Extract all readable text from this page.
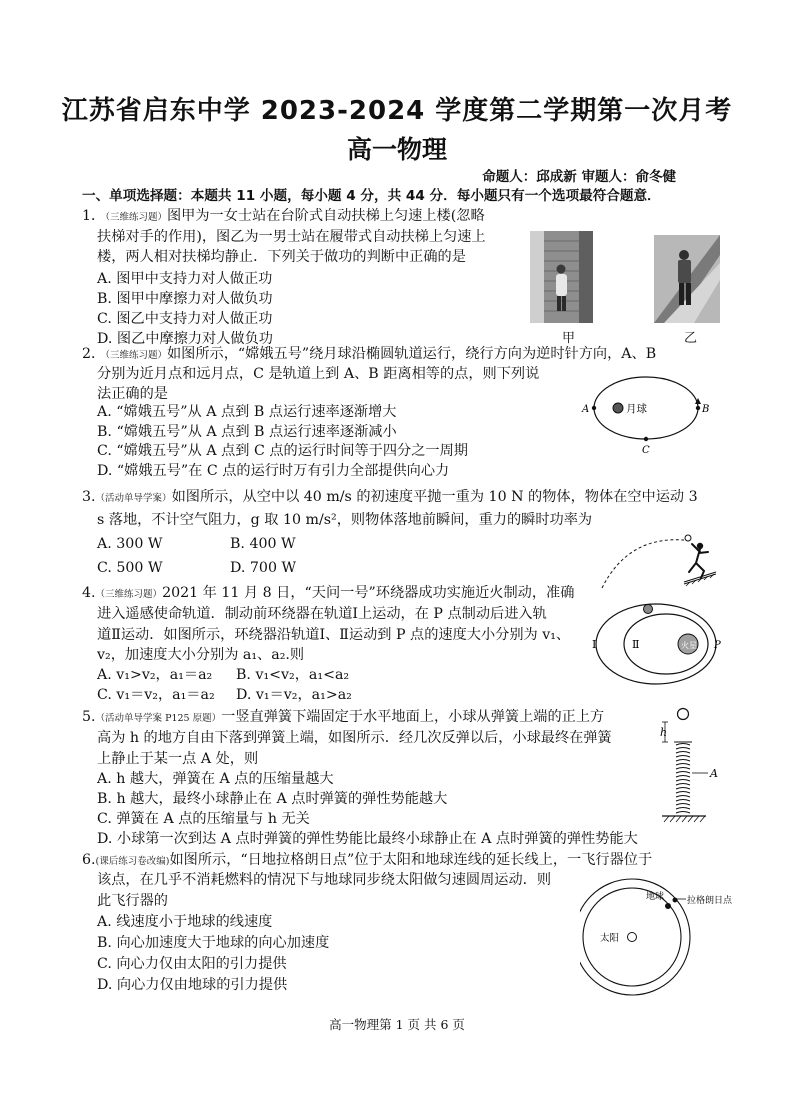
江苏省启东中学 2023-2024 学度第二学期第一次月考
高一物理
命题人：邱成新 审题人：俞冬健
一、单项选择题：本题共 11 小题，每小题 4 分，共 44 分．每小题只有一个选项最符合题意．
1．（三维练习题）图甲为一女士站在台阶式自动扶梯上匀速上楼(忽略
扶梯对手的作用)，图乙为一男士站在履带式自动扶梯上匀速上
楼，两人相对扶梯均静止．下列关于做功的判断中正确的是
A. 图甲中支持力对人做正功
B. 图甲中摩擦力对人做负功
C. 图乙中支持力对人做正功
D. 图乙中摩擦力对人做负功	甲	乙
2．（三维练习题）如图所示，“嫦娥五号”绕月球沿椭圆轨道运行，绕行方向为逆时针方向，A、B
分别为近月点和远月点，C 是轨道上到 A、B 距离相等的点，则下列说
法正确的是
A. “嫦娥五号”从 A 点到 B 点运行速率逐渐增大
B. “嫦娥五号”从 A 点到 B 点运行速率逐渐减小
C. “嫦娥五号”从 A 点到 C 点的运行时间等于四分之一周期
D. “嫦娥五号”在 C 点的运行时万有引力全部提供向心力
月球
A	B
C
3.（活动单导学案）如图所示，从空中以 40 m/s 的初速度平抛一重为 10 N 的物体，物体在空中运动 3
s 落地，不计空气阻力，g 取 10 m/s²，则物体落地前瞬间，重力的瞬时功率为
A. 300 W	B. 400 W
C. 500 W	D. 700 W
4.（三维练习题）2021 年 11 月 8 日，“天问一号”环绕器成功实施近火制动，准确
进入遥感使命轨道．制动前环绕器在轨道Ⅰ上运动，在 P 点制动后进入轨
道Ⅱ运动．如图所示，环绕器沿轨道Ⅰ、Ⅱ运动到 P 点的速度大小分别为 v₁、
v₂，加速度大小分别为 a₁、a₂.则
A. v₁>v₂，a₁＝a₂ B. v₁<v₂，a₁<a₂
C. v₁＝v₂，a₁＝a₂ D. v₁＝v₂，a₁>a₂
火星
Ⅰ	Ⅱ	P
5.（活动单导学案 P125 原题）一竖直弹簧下端固定于水平地面上，小球从弹簧上端的正上方
高为 h 的地方自由下落到弹簧上端，如图所示．经几次反弹以后，小球最终在弹簧
上静止于某一点 A 处，则
A. h 越大，弹簧在 A 点的压缩量越大
B. h 越大，最终小球静止在 A 点时弹簧的弹性势能越大
C. 弹簧在 A 点的压缩量与 h 无关
D. 小球第一次到达 A 点时弹簧的弹性势能比最终小球静止在 A 点时弹簧的弹性势能大
h
A
6.(课后练习卷改编)如图所示，“日地拉格朗日点”位于太阳和地球连线的延长线上，一飞行器位于
该点，在几乎不消耗燃料的情况下与地球同步绕太阳做匀速圆周运动．则
此飞行器的
A. 线速度小于地球的线速度
B. 向心加速度大于地球的向心加速度
C. 向心力仅由太阳的引力提供
D. 向心力仅由地球的引力提供
太阳
地球	拉格朗日点
高一物理第 1 页 共 6 页
